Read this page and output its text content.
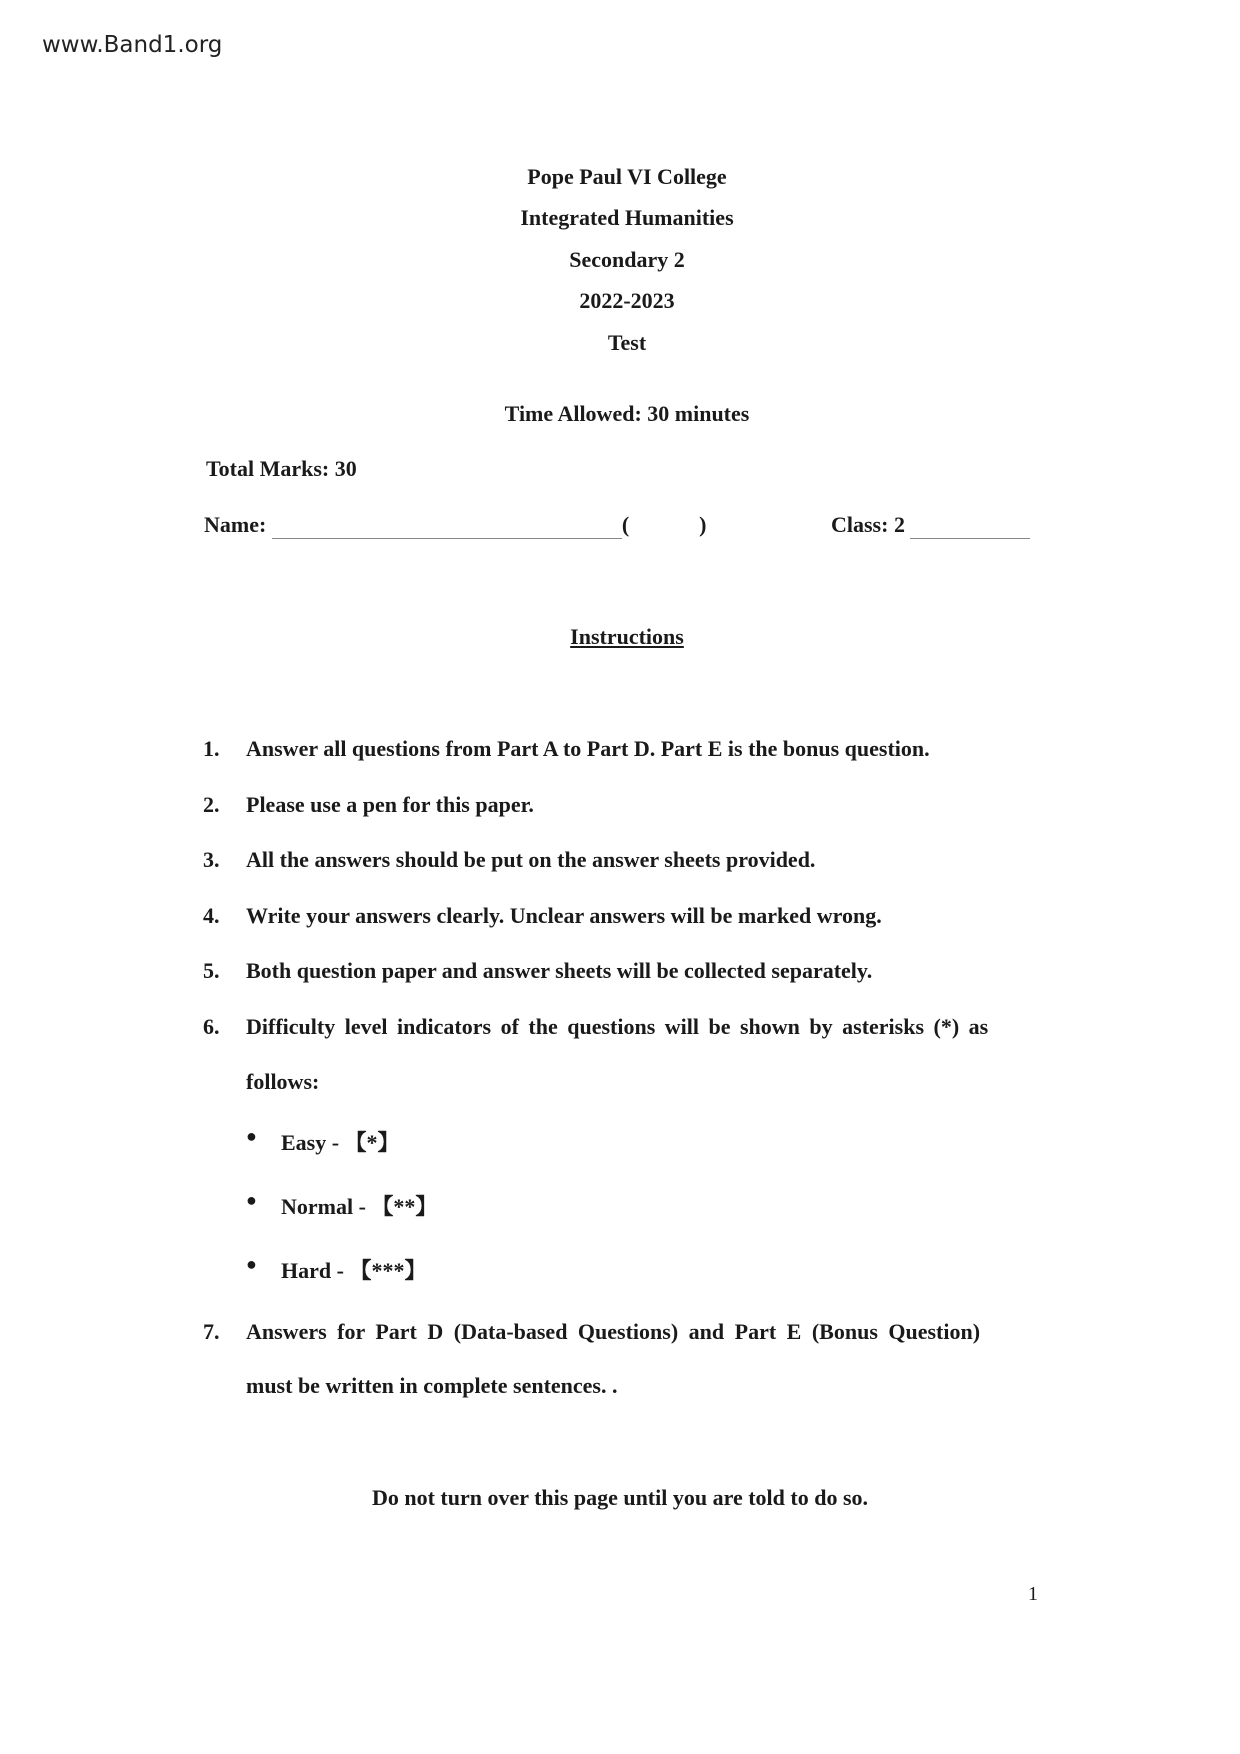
www.Band1.org
Pope Paul VI College
Integrated Humanities
Secondary 2
2022-2023
Test
Time Allowed: 30 minutes
Total Marks: 30
Name:	(	)	Class: 2
Instructions
1. Answer all questions from Part A to Part D. Part E is the bonus question.
2. Please use a pen for this paper.
3. All the answers should be put on the answer sheets provided.
4. Write your answers clearly. Unclear answers will be marked wrong.
5. Both question paper and answer sheets will be collected separately.
6. Difficulty level indicators of the questions will be shown by asterisks (*) as
follows:
● Easy - 【*】
● Normal - 【**】
● Hard - 【***】
7. Answers for Part D (Data-based Questions) and Part E (Bonus Question)
must be written in complete sentences. .
Do not turn over this page until you are told to do so.
1
